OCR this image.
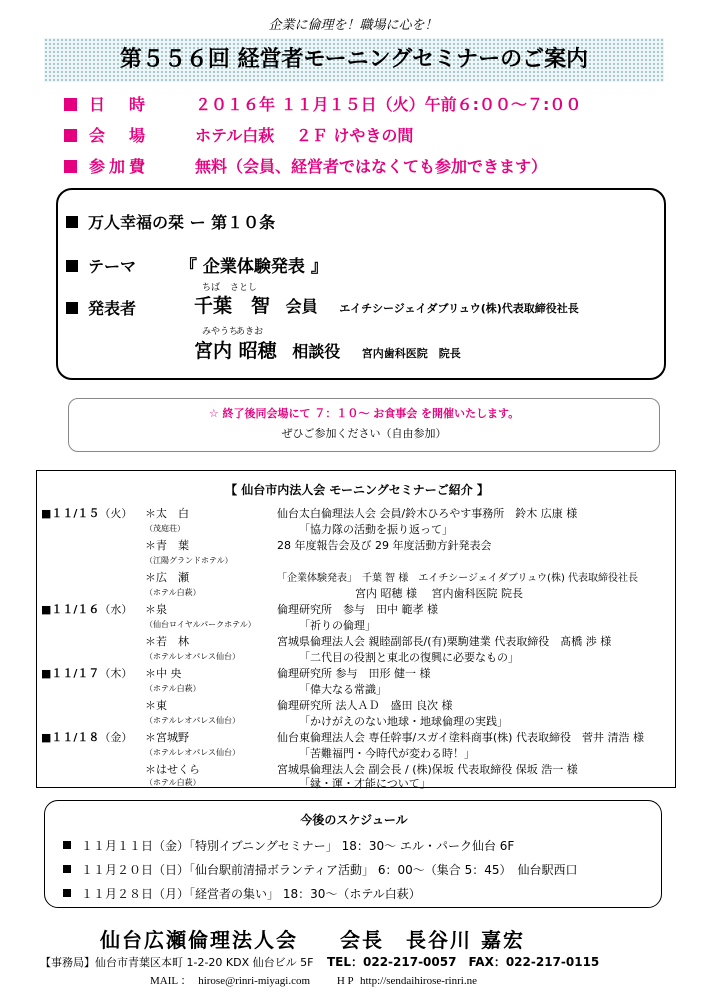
企業に倫理を！職場に心を！
第５５６回 経営者モーニングセミナーのご案内
日　時	２０１６年 １１月１５日（火）午前６:００～７:００
会　場	ホテル白萩　 ２Ｆ けやきの間
参加費	無料（会員、経営者ではなくても参加できます）
万人幸福の栞 ー 第１０条
テーマ	『 企業体験発表 』
発表者
ちば さとし
千葉　智 会員 エイチシージェイダブリュウ(株)代表取締役社長
みやうち
あきお
宮内 昭穂 相談役 宮内歯科医院　院長
☆ 終了後同会場にて ７：１０～ お食事会 を開催いたします。
ぜひご参加ください（自由参加）
【 仙台市内法人会 モーニングセミナーご紹介 】
■１１/１５（火） ＊太　白	仙台太白倫理法人会 会員/鈴木ひろやす事務所　鈴木 広康 様
（茂庭荘）	「協力隊の活動を振り返って」
＊青　葉	28 年度報告会及び 29 年度活動方針発表会
（江陽グランドホテル）
＊広　瀬	「企業体験発表」　千葉 智 様　エイチシージェイダブリュウ(株) 代表取締役社長
（ホテル白萩）	宮内 昭穂 様　 宮内歯科医院 院長
■１１/１６（水） ＊泉	倫理研究所　参与　田中 範孝 様
（仙台ロイヤルパークホテル）	「祈りの倫理」
＊若　林	宮城県倫理法人会 親睦副部長/(有)栗駒建業 代表取締役　髙橋 渉 様
（ホテルレオパレス仙台）	「二代目の役割と東北の復興に必要なもの」
■１１/１７（木） ＊中 央	倫理研究所 参与　田形 健一 様
（ホテル白萩）	「偉大なる常識」
＊東	倫理研究所 法人ＡＤ　盛田 良次 様
（ホテルレオパレス仙台）	「かけがえのない地球・地球倫理の実践」
■１１/１８（金） ＊宮城野	仙台東倫理法人会 専任幹事/スガイ塗料商事(株) 代表取締役　菅井 清浩 様
（ホテルレオパレス仙台）	「苦難福門・今時代が変わる時！」
＊はせくら	宮城県倫理法人会 副会長 / (株)保坂 代表取締役 保坂 浩一 様
（ホテル白萩）	「縁・運・才能について」
今後のスケジュール
１１月１１日（金）「特別イブニングセミナー」 18：30～ エル・パーク仙台 6F
１１月２０日（日）「仙台駅前清掃ボランティア活動」 6：00～（集合 5：45）　仙台駅西口
１１月２８日（月）「経営者の集い」 18：30～（ホテル白萩）
仙台広瀬倫理法人会 会長　長谷川 嘉宏
【事務局】仙台市青葉区本町 1-2-20 KDX 仙台ビル 5F TEL：022-217-0057　FAX：022-217-0115
MAIL ： hirose@rinri-miyagi.com H P http://sendaihirose-rinri.ne
